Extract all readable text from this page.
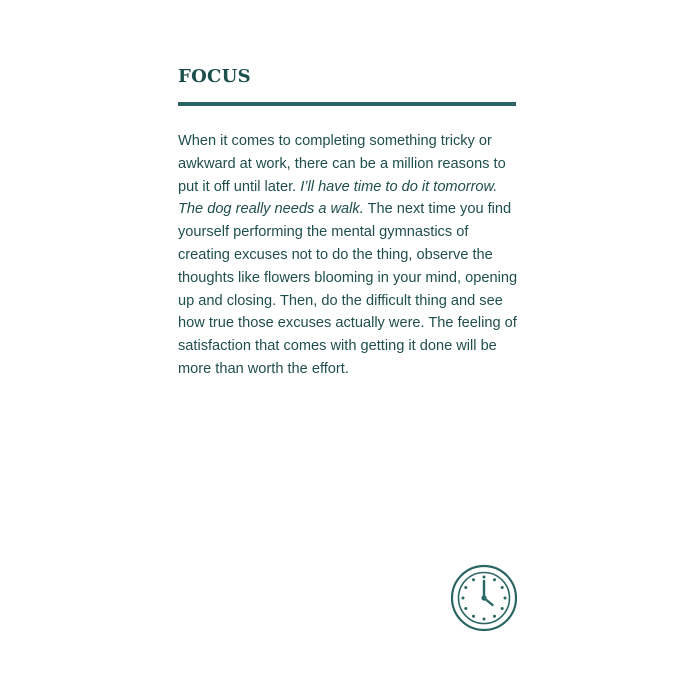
FOCUS

When it comes to completing something tricky or awkward at work, there can be a million reasons to put it off until later. I’ll have time to do it tomorrow. The dog really needs a walk. The next time you find yourself performing the mental gymnastics of creating excuses not to do the thing, observe the thoughts like flowers blooming in your mind, opening up and closing. Then, do the difficult thing and see how true those excuses actually were. The feeling of satisfaction that comes with getting it done will be more than worth the effort.
